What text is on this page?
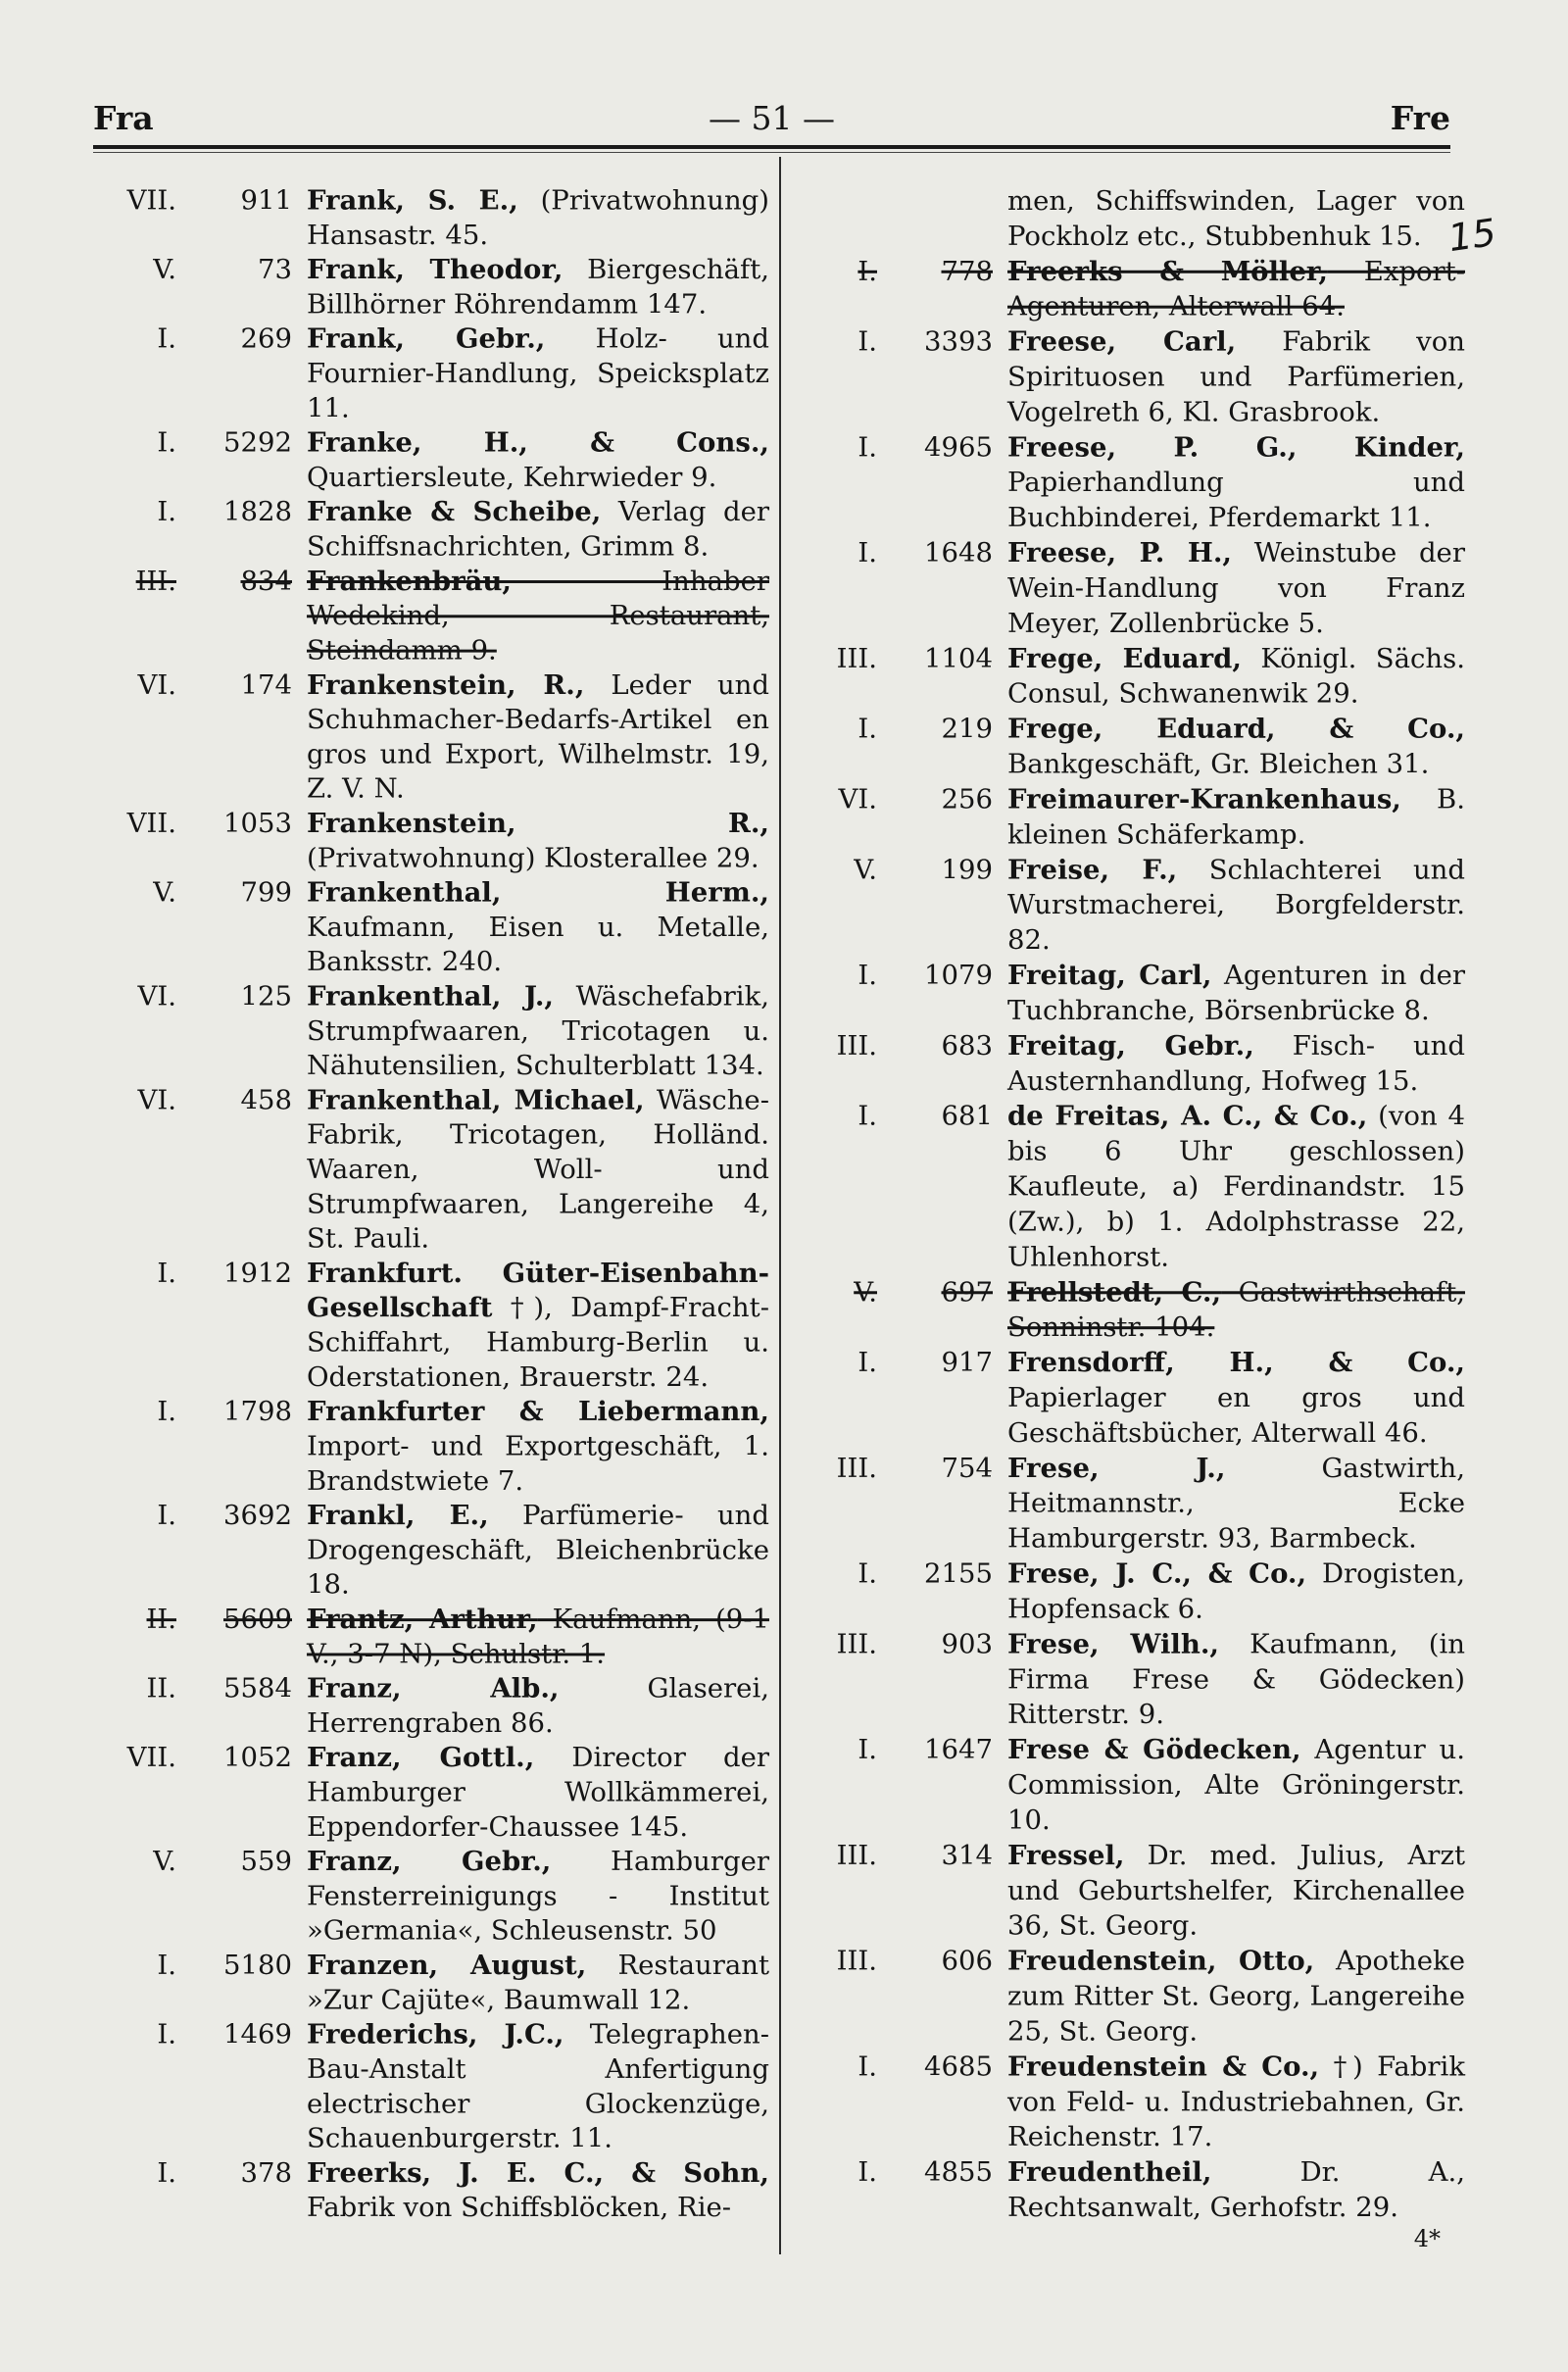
Fra	— 51 —	Fre
VII.	911 Frank, S. E., (Privatwohnung) Hansastr. 45.
V.	73 Frank, Theodor, Biergeschäft, Billhörner Röhrendamm 147.
I.	269 Frank, Gebr., Holz- und Fournier-Handlung, Speicksplatz 11.
I.	5292 Franke, H., & Cons., Quartiersleute, Kehrwieder 9.
I.	1828 Franke & Scheibe, Verlag der Schiffsnachrichten, Grimm 8.
III.	834 Frankenbräu, Inhaber Wedekind, Restaurant, Steindamm 9.
VI.	174 Frankenstein, R., Leder und Schuhmacher-Bedarfs-Artikel en gros und Export, Wilhelmstr. 19, Z. V. N.
VII.	1053 Frankenstein, R., (Privatwohnung) Klosterallee 29.
V.	799 Frankenthal, Herm., Kaufmann, Eisen u. Metalle, Banksstr. 240.
VI.	125 Frankenthal, J., Wäschefabrik, Strumpfwaaren, Tricotagen u. Nähutensilien, Schulterblatt 134.
VI.	458 Frankenthal, Michael, Wäsche-Fabrik, Tricotagen, Holländ. Waaren, Woll- und Strumpfwaaren, Langereihe 4, St. Pauli.
I.	1912 Frankfurt. Güter-Eisenbahn-Gesellschaft †), Dampf-Fracht-Schiffahrt, Hamburg-Berlin u. Oderstationen, Brauerstr. 24.
I.	1798 Frankfurter & Liebermann, Import- und Exportgeschäft, 1. Brandstwiete 7.
I.	3692 Frankl, E., Parfümerie- und Drogengeschäft, Bleichenbrücke 18.
II.	5609 Frantz, Arthur, Kaufmann, (9-1 V., 3-7 N), Schulstr. 1.
II.	5584 Franz, Alb., Glaserei, Herrengraben 86.
VII.	1052 Franz, Gottl., Director der Hamburger Wollkämmerei, Eppendorfer-Chaussee 145.
V.	559 Franz, Gebr., Hamburger Fensterreinigungs - Institut »Germania«, Schleusenstr. 50
I.	5180 Franzen, August, Restaurant »Zur Cajüte«, Baumwall 12.
I.	1469 Frederichs, J.C., Telegraphen-Bau-Anstalt Anfertigung electrischer Glockenzüge, Schauenburgerstr. 11.
I.	378 Freerks, J. E. C., & Sohn, Fabrik von Schiffsblöcken, Rie-
men, Schiffswinden, Lager von Pockholz etc., Stubbenhuk 15.
I.	778 Freerks & Möller, Export-Agenturen, Alterwall 64.
I.	3393 Freese, Carl, Fabrik von Spirituosen und Parfümerien, Vogelreth 6, Kl. Grasbrook.
I.	4965 Freese, P. G., Kinder, Papierhandlung und Buchbinderei, Pferdemarkt 11.
I.	1648 Freese, P. H., Weinstube der Wein-Handlung von Franz Meyer, Zollenbrücke 5.
III.	1104 Frege, Eduard, Königl. Sächs. Consul, Schwanenwik 29.
I.	219 Frege, Eduard, & Co., Bankgeschäft, Gr. Bleichen 31.
VI.	256 Freimaurer-Krankenhaus, B. kleinen Schäferkamp.
V.	199 Freise, F., Schlachterei und Wurstmacherei, Borgfelderstr. 82.
I.	1079 Freitag, Carl, Agenturen in der Tuchbranche, Börsenbrücke 8.
III.	683 Freitag, Gebr., Fisch- und Austernhandlung, Hofweg 15.
I.	681 de Freitas, A. C., & Co., (von 4 bis 6 Uhr geschlossen) Kaufleute, a) Ferdinandstr. 15 (Zw.), b) 1. Adolphstrasse 22, Uhlenhorst.
V.	697 Frellstedt, C., Gastwirthschaft, Sonninstr. 104.
I.	917 Frensdorff, H., & Co., Papierlager en gros und Geschäftsbücher, Alterwall 46.
III.	754 Frese, J., Gastwirth, Heitmannstr., Ecke Hamburgerstr. 93, Barmbeck.
I.	2155 Frese, J. C., & Co., Drogisten, Hopfensack 6.
III.	903 Frese, Wilh., Kaufmann, (in Firma Frese & Gödecken) Ritterstr. 9.
I.	1647 Frese & Gödecken, Agentur u. Commission, Alte Gröningerstr. 10.
III.	314 Fressel, Dr. med. Julius, Arzt und Geburtshelfer, Kirchenallee 36, St. Georg.
III.	606 Freudenstein, Otto, Apotheke zum Ritter St. Georg, Langereihe 25, St. Georg.
I.	4685 Freudenstein & Co., †) Fabrik von Feld- u. Industriebahnen, Gr. Reichenstr. 17.
I.	4855 Freudentheil, Dr. A., Rechtsanwalt, Gerhofstr. 29.
15
4*
